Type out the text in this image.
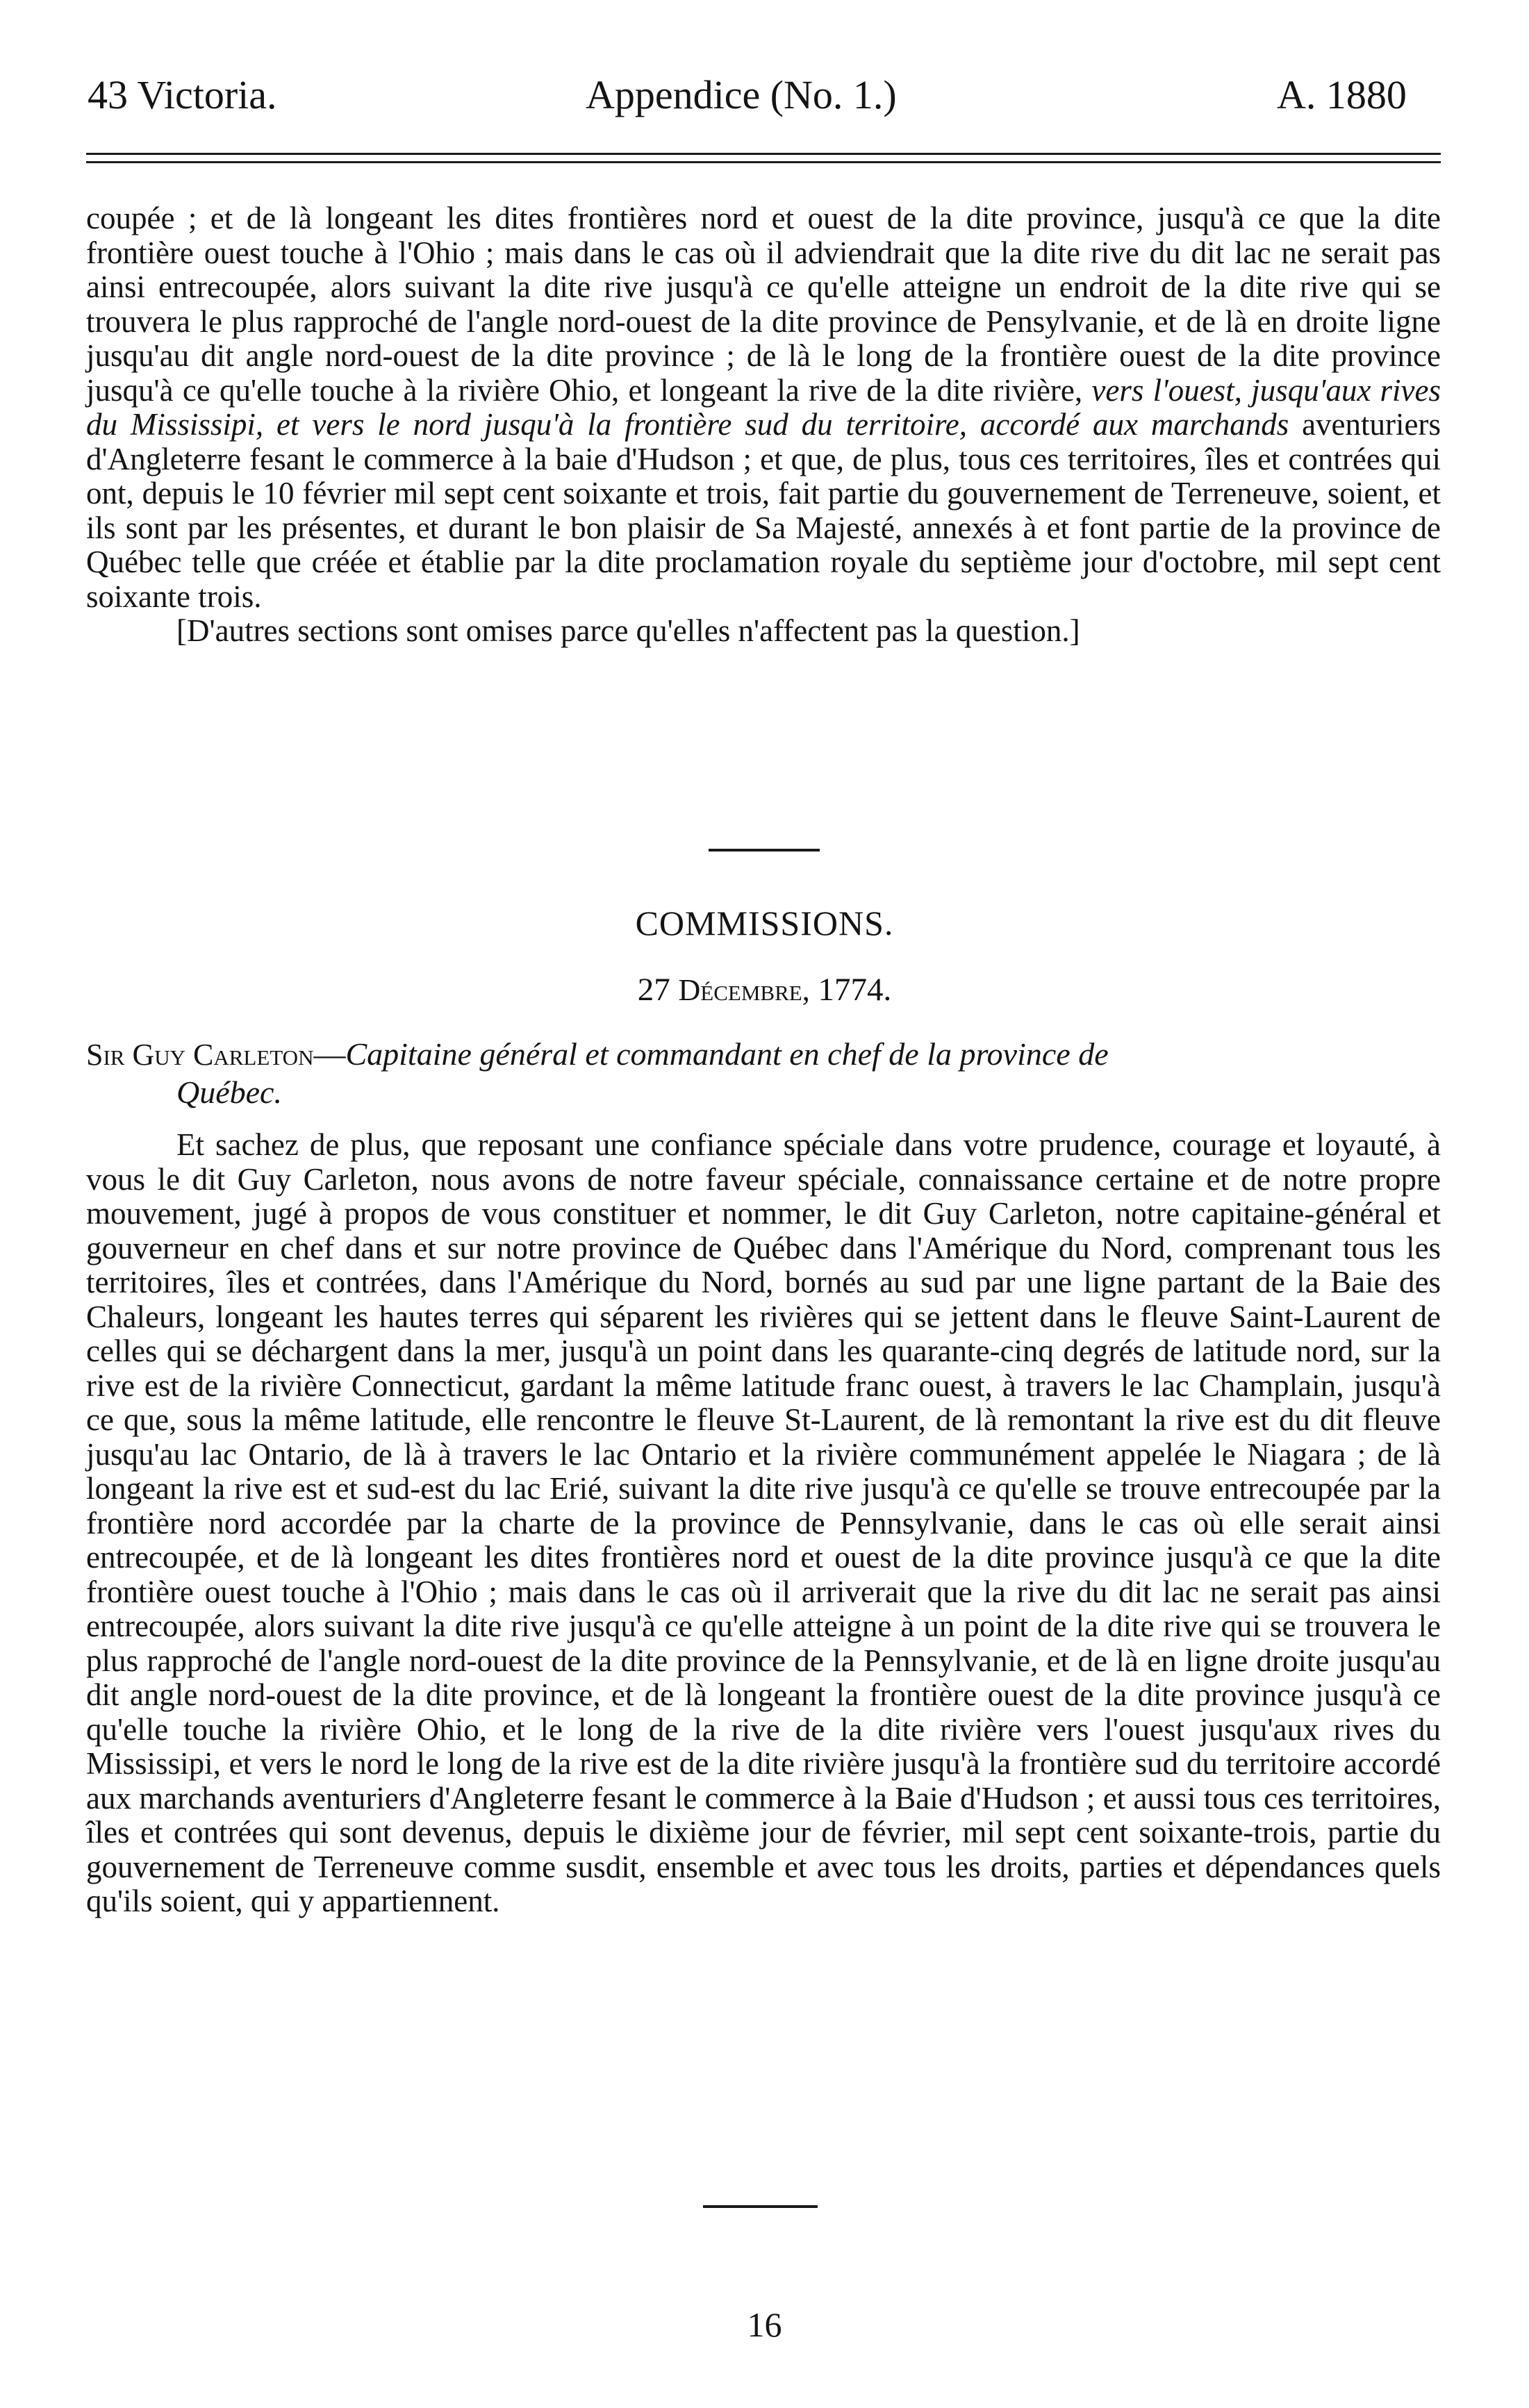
43 Victoria.	Appendice (No. 1.)	A. 1880

coupée ; et de là longeant les dites frontières nord et ouest de la dite province, jusqu'à ce que la dite frontière ouest touche à l'Ohio ; mais dans le cas où il adviendrait que la dite rive du dit lac ne serait pas ainsi entrecoupée, alors suivant la dite rive jusqu'à ce qu'elle atteigne un endroit de la dite rive qui se trouvera le plus rapproché de l'angle nord-ouest de la dite province de Pensylvanie, et de là en droite ligne jusqu'au dit angle nord-ouest de la dite province ; de là le long de la frontière ouest de la dite province jusqu'à ce qu'elle touche à la rivière Ohio, et longeant la rive de la dite rivière, vers l'ouest, jusqu'aux rives du Mississipi, et vers le nord jusqu'à la frontière sud du territoire, accordé aux marchands aventuriers d'Angleterre fesant le commerce à la baie d'Hudson ; et que, de plus, tous ces territoires, îles et contrées qui ont, depuis le 10 février mil sept cent soixante et trois, fait partie du gouvernement de Terreneuve, soient, et ils sont par les présentes, et durant le bon plaisir de Sa Majesté, annexés à et font partie de la province de Québec telle que créée et établie par la dite proclamation royale du septième jour d'octobre, mil sept cent soixante trois.

[D'autres sections sont omises parce qu'elles n'affectent pas la question.]

COMMISSIONS.
27 Décembre, 1774.
Sir Guy Carleton—Capitaine général et commandant en chef de la province de
Québec.

Et sachez de plus, que reposant une confiance spéciale dans votre prudence, courage et loyauté, à vous le dit Guy Carleton, nous avons de notre faveur spéciale, connaissance certaine et de notre propre mouvement, jugé à propos de vous constituer et nommer, le dit Guy Carleton, notre capitaine-général et gouverneur en chef dans et sur notre province de Québec dans l'Amérique du Nord, comprenant tous les territoires, îles et contrées, dans l'Amérique du Nord, bornés au sud par une ligne partant de la Baie des Chaleurs, longeant les hautes terres qui séparent les rivières qui se jettent dans le fleuve Saint-Laurent de celles qui se déchargent dans la mer, jusqu'à un point dans les quarante-cinq degrés de latitude nord, sur la rive est de la rivière Connecticut, gardant la même latitude franc ouest, à travers le lac Champlain, jusqu'à ce que, sous la même latitude, elle rencontre le fleuve St-Laurent, de là remontant la rive est du dit fleuve jusqu'au lac Ontario, de là à travers le lac Ontario et la rivière communément appelée le Niagara ; de là longeant la rive est et sud-est du lac Erié, suivant la dite rive jusqu'à ce qu'elle se trouve entrecoupée par la frontière nord accordée par la charte de la province de Pennsylvanie, dans le cas où elle serait ainsi entrecoupée, et de là longeant les dites frontières nord et ouest de la dite province jusqu'à ce que la dite frontière ouest touche à l'Ohio ; mais dans le cas où il arriverait que la rive du dit lac ne serait pas ainsi entrecoupée, alors suivant la dite rive jusqu'à ce qu'elle atteigne à un point de la dite rive qui se trouvera le plus rapproché de l'angle nord-ouest de la dite province de la Pennsylvanie, et de là en ligne droite jusqu'au dit angle nord-ouest de la dite province, et de là longeant la frontière ouest de la dite province jusqu'à ce qu'elle touche la rivière Ohio, et le long de la rive de la dite rivière vers l'ouest jusqu'aux rives du Mississipi, et vers le nord le long de la rive est de la dite rivière jusqu'à la frontière sud du territoire accordé aux marchands aventuriers d'Angleterre fesant le commerce à la Baie d'Hudson ; et aussi tous ces territoires, îles et contrées qui sont devenus, depuis le dixième jour de février, mil sept cent soixante-trois, partie du gouvernement de Terreneuve comme susdit, ensemble et avec tous les droits, parties et dépendances quels qu'ils soient, qui y appartiennent.

16
